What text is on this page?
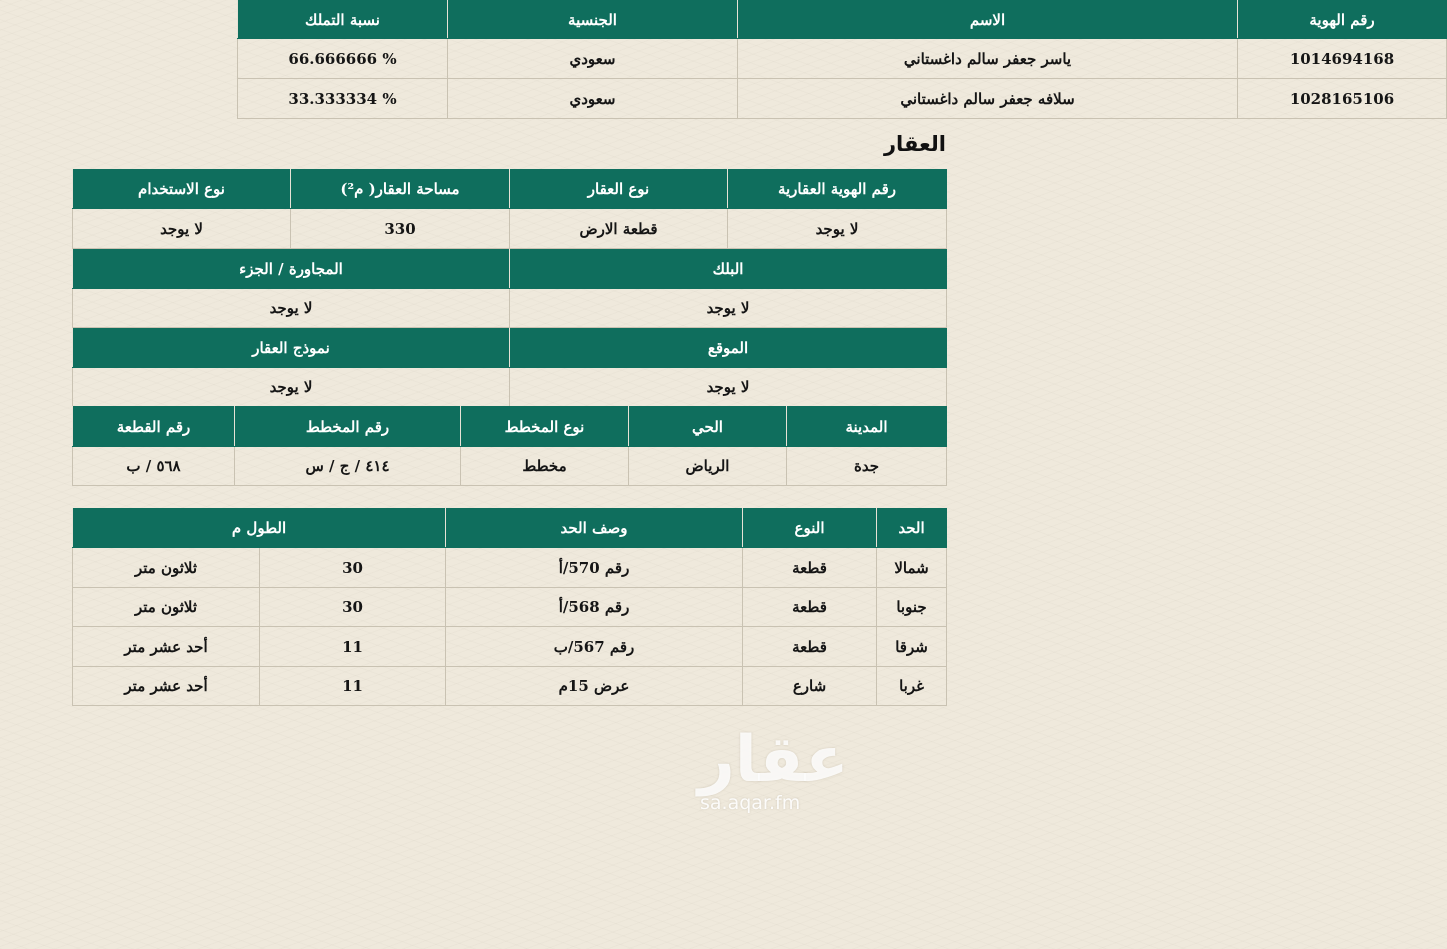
رقم الهوية	الاسم	الجنسية	نسبة التملك
1014694168	ياسر جعفر سالم داغستاني	سعودي	66.666666 %
1028165106	سلافه جعفر سالم داغستاني	سعودي	33.333334 %
العقار
رقم الهوية العقارية	نوع العقار	مساحة العقار( م²)	نوع الاستخدام
لا يوجد	قطعة الارض	330	لا يوجد
البلك	المجاورة / الجزء
لا يوجد	لا يوجد
الموقع	نموذج العقار
لا يوجد	لا يوجد
المدينة	الحي	نوع المخطط	رقم المخطط	رقم القطعة
جدة	الرياض	مخطط	٤١٤ / ج / س	٥٦٨ / ب
الحد	النوع	وصف الحد	الطول م	
شمالا	قطعة	رقم 570/أ	30	ثلاثون متر
جنوبا	قطعة	رقم 568/أ	30	ثلاثون متر
شرقا	قطعة	رقم 567/ب	11	أحد عشر متر
غربا	شارع	عرض 15م	11	أحد عشر متر
عقار
sa.aqar.fm
